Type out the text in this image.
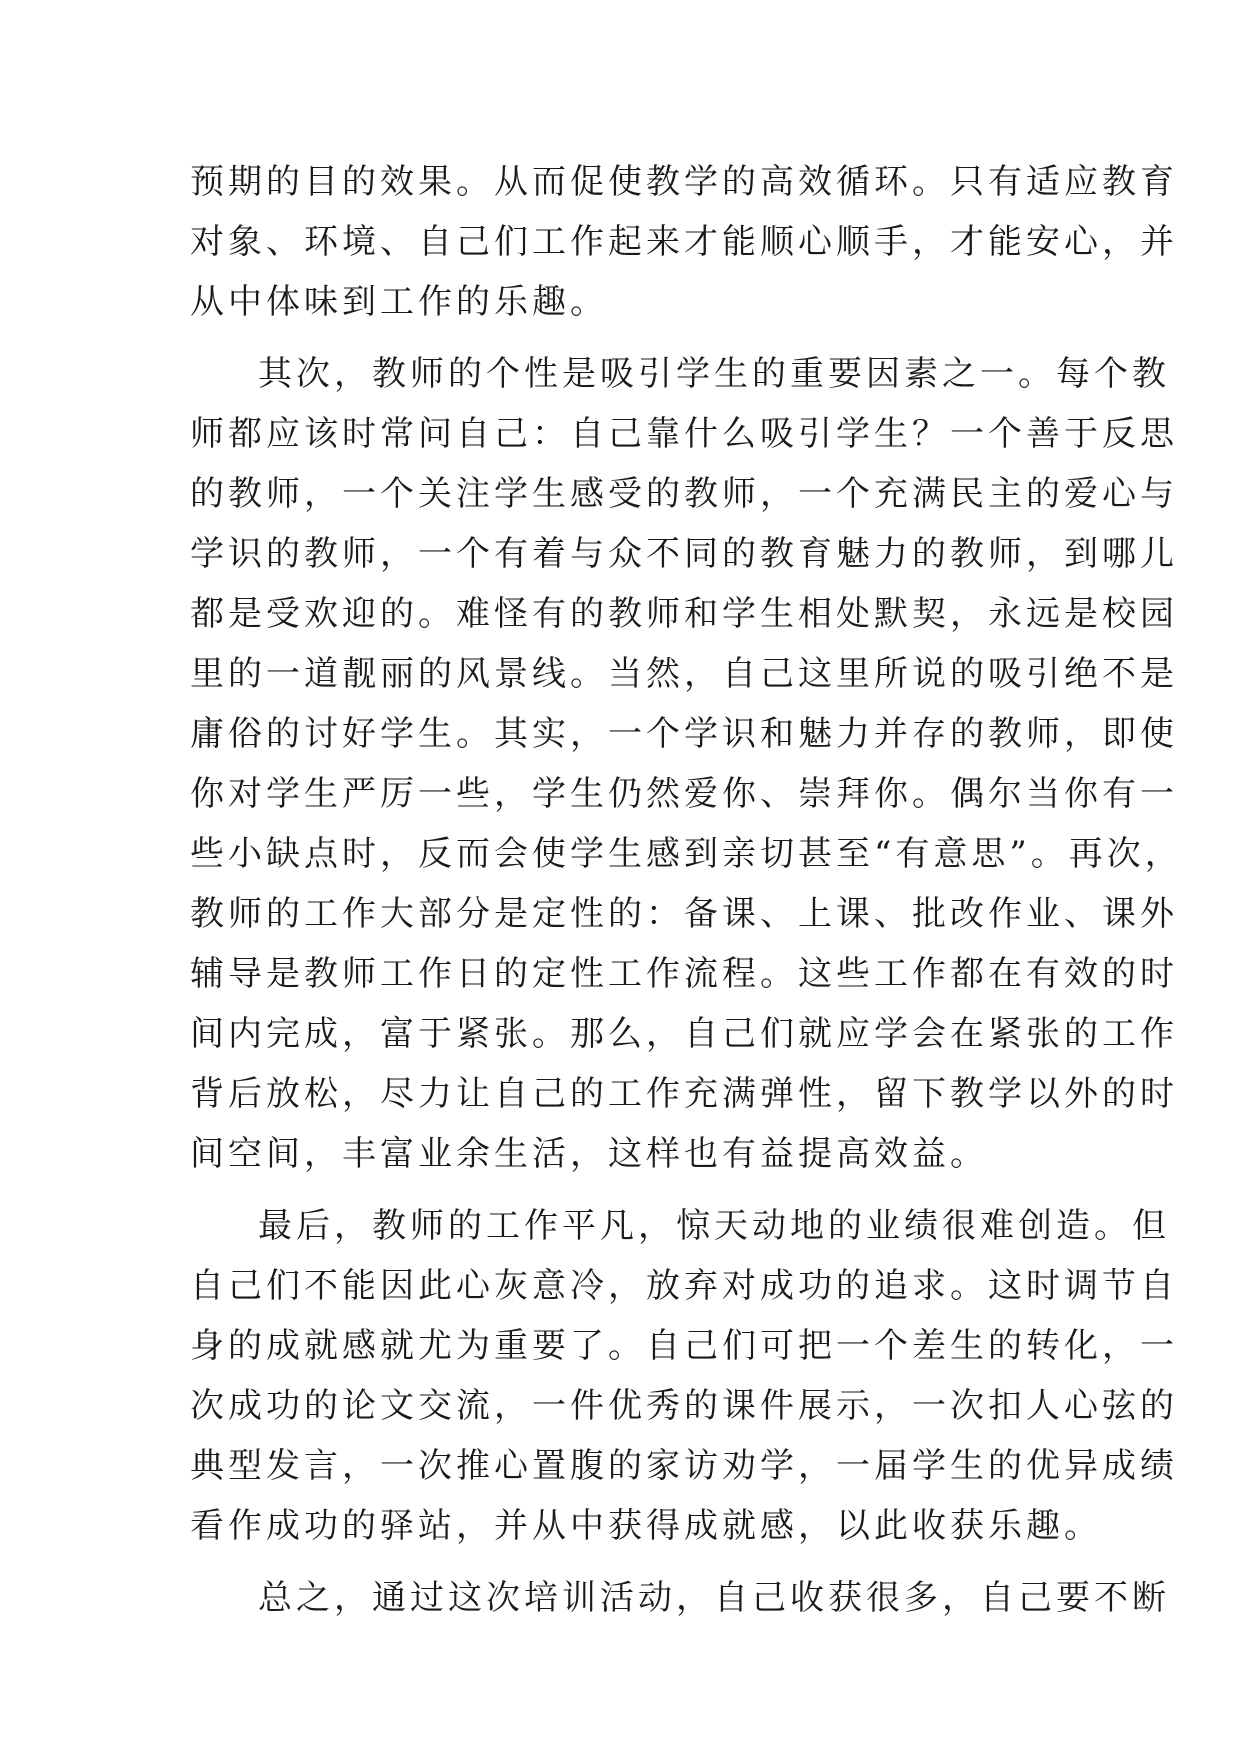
预期的目的效果。从而促使教学的高效循环。只有适应教育
对象、环境、自己们工作起来才能顺心顺手，才能安心，并
从中体味到工作的乐趣。
其次，教师的个性是吸引学生的重要因素之一。每个教
师都应该时常问自己：自己靠什么吸引学生？一个善于反思
的教师，一个关注学生感受的教师，一个充满民主的爱心与
学识的教师，一个有着与众不同的教育魅力的教师，到哪儿
都是受欢迎的。难怪有的教师和学生相处默契，永远是校园
里的一道靓丽的风景线。当然，自己这里所说的吸引绝不是
庸俗的讨好学生。其实，一个学识和魅力并存的教师，即使
你对学生严厉一些，学生仍然爱你、崇拜你。偶尔当你有一
些小缺点时，反而会使学生感到亲切甚至“有意思”。再次，
教师的工作大部分是定性的：备课、上课、批改作业、课外
辅导是教师工作日的定性工作流程。这些工作都在有效的时
间内完成，富于紧张。那么，自己们就应学会在紧张的工作
背后放松，尽力让自己的工作充满弹性，留下教学以外的时
间空间，丰富业余生活，这样也有益提高效益。
最后，教师的工作平凡，惊天动地的业绩很难创造。但
自己们不能因此心灰意冷，放弃对成功的追求。这时调节自
身的成就感就尤为重要了。自己们可把一个差生的转化，一
次成功的论文交流，一件优秀的课件展示，一次扣人心弦的
典型发言，一次推心置腹的家访劝学，一届学生的优异成绩
看作成功的驿站，并从中获得成就感，以此收获乐趣。
总之，通过这次培训活动，自己收获很多，自己要不断
